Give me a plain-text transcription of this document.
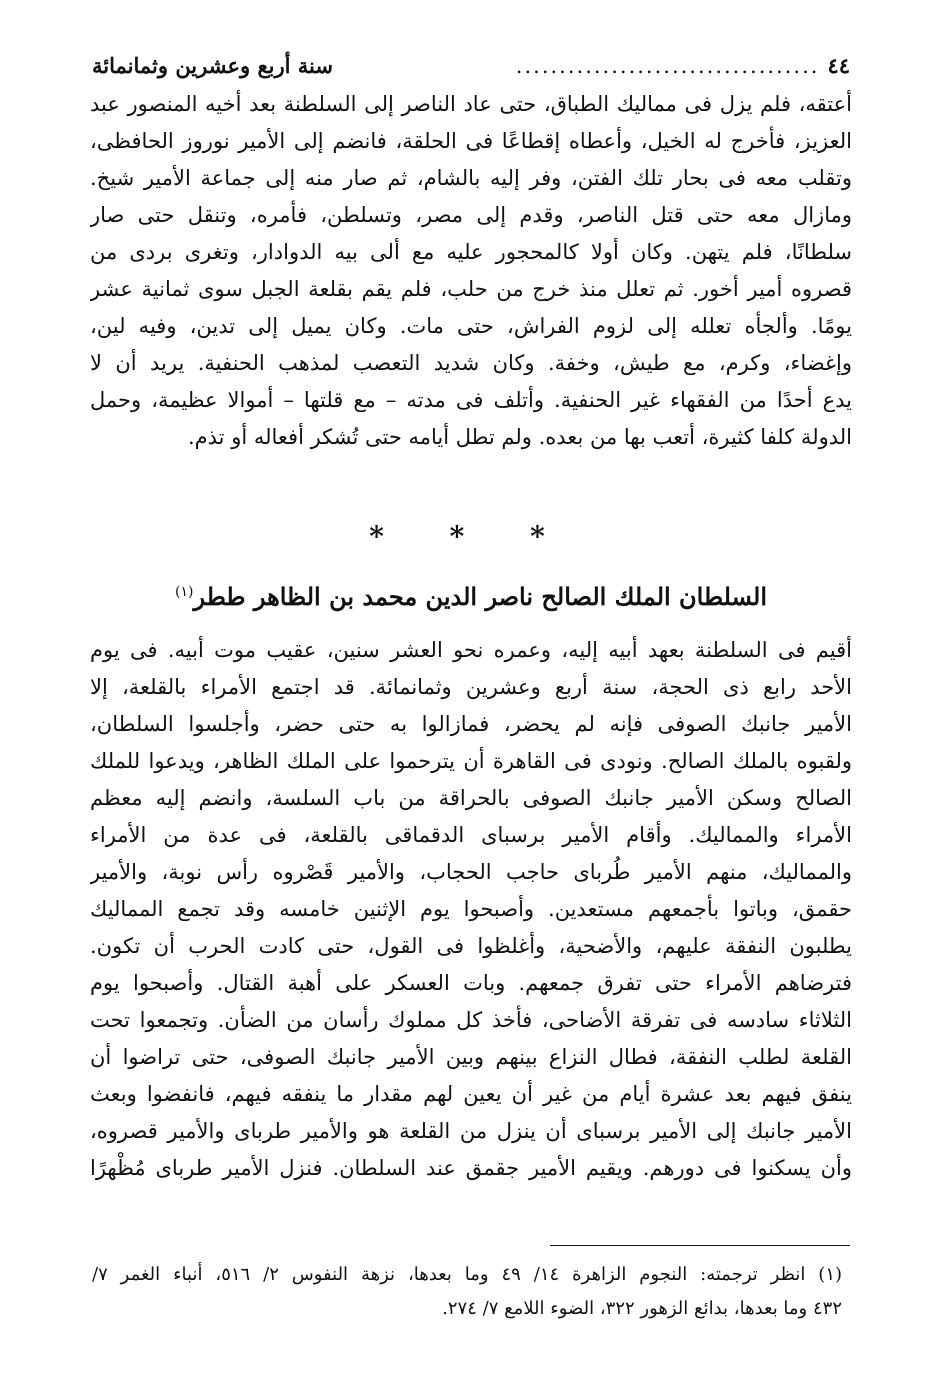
٤٤
...................................
سنة أربع وعشرين وثمانمائة
أعتقه، فلم يزل فى مماليك الطباق، حتى عاد الناصر إلى السلطنة بعد أخيه المنصور عبد
العزيز، فأخرج له الخيل، وأعطاه إقطاعًا فى الحلقة، فانضم إلى الأمير نوروز الحافظى،
وتقلب معه فى بحار تلك الفتن، وفر إليه بالشام، ثم صار منه إلى جماعة الأمير شيخ.
ومازال معه حتى قتل الناصر، وقدم إلى مصر، وتسلطن، فأمره، وتنقل حتى صار
سلطانًا، فلم يتهن. وكان أولا كالمحجور عليه مع ألى بيه الدوادار، وتغرى بردى من
قصروه أمير أخور. ثم تعلل منذ خرج من حلب، فلم يقم بقلعة الجبل سوى ثمانية عشر
يومًا. وألجأه تعلله إلى لزوم الفراش، حتى مات. وكان يميل إلى تدين، وفيه لين،
وإغضاء، وكرم، مع طيش، وخفة. وكان شديد التعصب لمذهب الحنفية. يريد أن لا
يدع أحدًا من الفقهاء غير الحنفية. وأتلف فى مدته – مع قلتها – أموالا عظيمة، وحمل
الدولة كلفا كثيرة، أتعب بها من بعده. ولم تطل أيامه حتى تُشكر أفعاله أو تذم.
* * *
السلطان الملك الصالح ناصر الدين محمد بن الظاهر ططر$^{(١)}$
أقيم فى السلطنة بعهد أبيه إليه، وعمره نحو العشر سنين، عقيب موت أبيه. فى يوم
الأحد رابع ذى الحجة، سنة أربع وعشرين وثمانمائة. قد اجتمع الأمراء بالقلعة، إلا
الأمير جانبك الصوفى فإنه لم يحضر، فمازالوا به حتى حضر، وأجلسوا السلطان،
ولقبوه بالملك الصالح. ونودى فى القاهرة أن يترحموا على الملك الظاهر، ويدعوا للملك
الصالح وسكن الأمير جانبك الصوفى بالحراقة من باب السلسة، وانضم إليه معظم
الأمراء والمماليك. وأقام الأمير برسباى الدقماقى بالقلعة، فى عدة من الأمراء
والمماليك، منهم الأمير طُرباى حاجب الحجاب، والأمير قَصْروه رأس نوبة، والأمير
حقمق، وباتوا بأجمعهم مستعدين. وأصبحوا يوم الإثنين خامسه وقد تجمع المماليك
يطلبون النفقة عليهم، والأضحية، وأغلظوا فى القول، حتى كادت الحرب أن تكون.
فترضاهم الأمراء حتى تفرق جمعهم. وبات العسكر على أهبة القتال. وأصبحوا يوم
الثلاثاء سادسه فى تفرقة الأضاحى، فأخذ كل مملوك رأسان من الضأن. وتجمعوا تحت
القلعة لطلب النفقة، فطال النزاع بينهم وبين الأمير جانبك الصوفى، حتى تراضوا أن
ينفق فيهم بعد عشرة أيام من غير أن يعين لهم مقدار ما ينفقه فيهم، فانفضوا وبعث
الأمير جانبك إلى الأمير برسباى أن ينزل من القلعة هو والأمير طرباى والأمير قصروه،
وأن يسكنوا فى دورهم. ويقيم الأمير جقمق عند السلطان. فنزل الأمير طرباى مُظْهرًا
(١) انظر ترجمته: النجوم الزاهرة ١٤/ ٤٩ وما بعدها، نزهة النفوس ٢/ ٥١٦، أنباء الغمر ٧/
٤٣٢ وما بعدها، بدائع الزهور ٣٢٢، الضوء اللامع ٧/ ٢٧٤.
